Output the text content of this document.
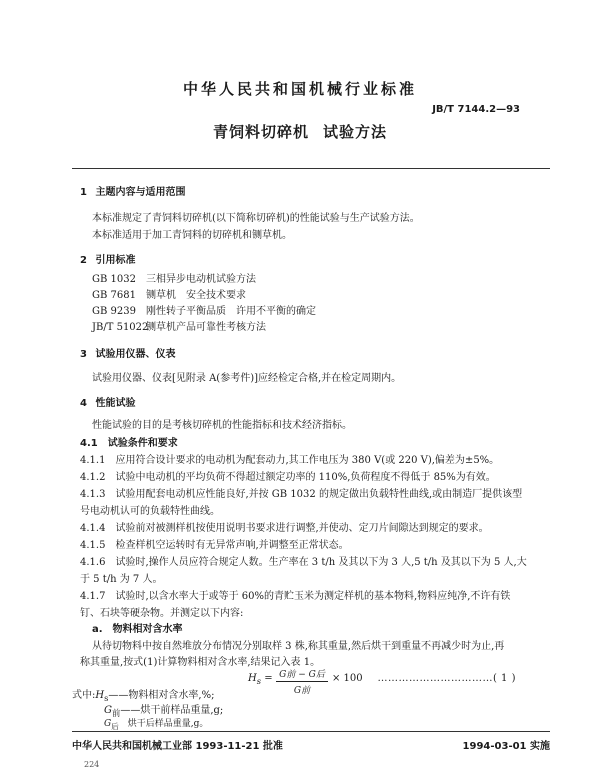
中华人民共和国机械行业标准
JB/T 7144.2—93
青饲料切碎机 试验方法
1 主题内容与适用范围
本标准规定了青饲料切碎机(以下简称切碎机)的性能试验与生产试验方法。
本标准适用于加工青饲料的切碎机和铡草机。
2 引用标准
GB 1032 三相异步电动机试验方法
GB 7681 铡草机　安全技术要求
GB 9239 刚性转子平衡品质　许用不平衡的确定
JB/T 51022铡草机产品可靠性考核方法
3 试验用仪器、仪表
试验用仪器、仪表[见附录 A(参考件)]应经检定合格,并在检定周期内。
4 性能试验
性能试验的目的是考核切碎机的性能指标和技术经济指标。
4.1　试验条件和要求
4.1.1　应用符合设计要求的电动机为配套动力,其工作电压为 380 V(或 220 V),偏差为±5%。
4.1.2　试验中电动机的平均负荷不得超过额定功率的 110%,负荷程度不得低于 85%为有效。
4.1.3　试验用配套电动机应性能良好,并按 GB 1032 的规定做出负载特性曲线,或由制造厂提供该型
号电动机认可的负载特性曲线。
4.1.4　试验前对被测样机按使用说明书要求进行调整,并使动、定刀片间隙达到规定的要求。
4.1.5　检查样机空运转时有无异常声响,并调整至正常状态。
4.1.6　试验时,操作人员应符合规定人数。生产率在 3 t/h 及其以下为 3 人,5 t/h 及其以下为 5 人,大
于 5 t/h 为 7 人。
4.1.7　试验时,以含水率大于或等于 60%的青贮玉米为测定样机的基本物料,物料应纯净,不许有铁
钉、石块等硬杂物。并测定以下内容:
a.　物料相对含水率
从待切物料中按自然堆放分布情况分别取样 3 株,称其重量,然后烘干到重量不再减少时为止,再
称其重量,按式(1)计算物料相对含水率,结果记入表 1。
$H_s = G$前 − G后
G前
× 100 ……………………………( 1 )
式中$:H_s——$物料相对含水率,%;
$G_前——$烘干前样品重量,g;
$G_后$　烘干后样品重量,g。
中华人民共和国机械工业部 1993-11-21 批准	1994-03-01 实施
224
